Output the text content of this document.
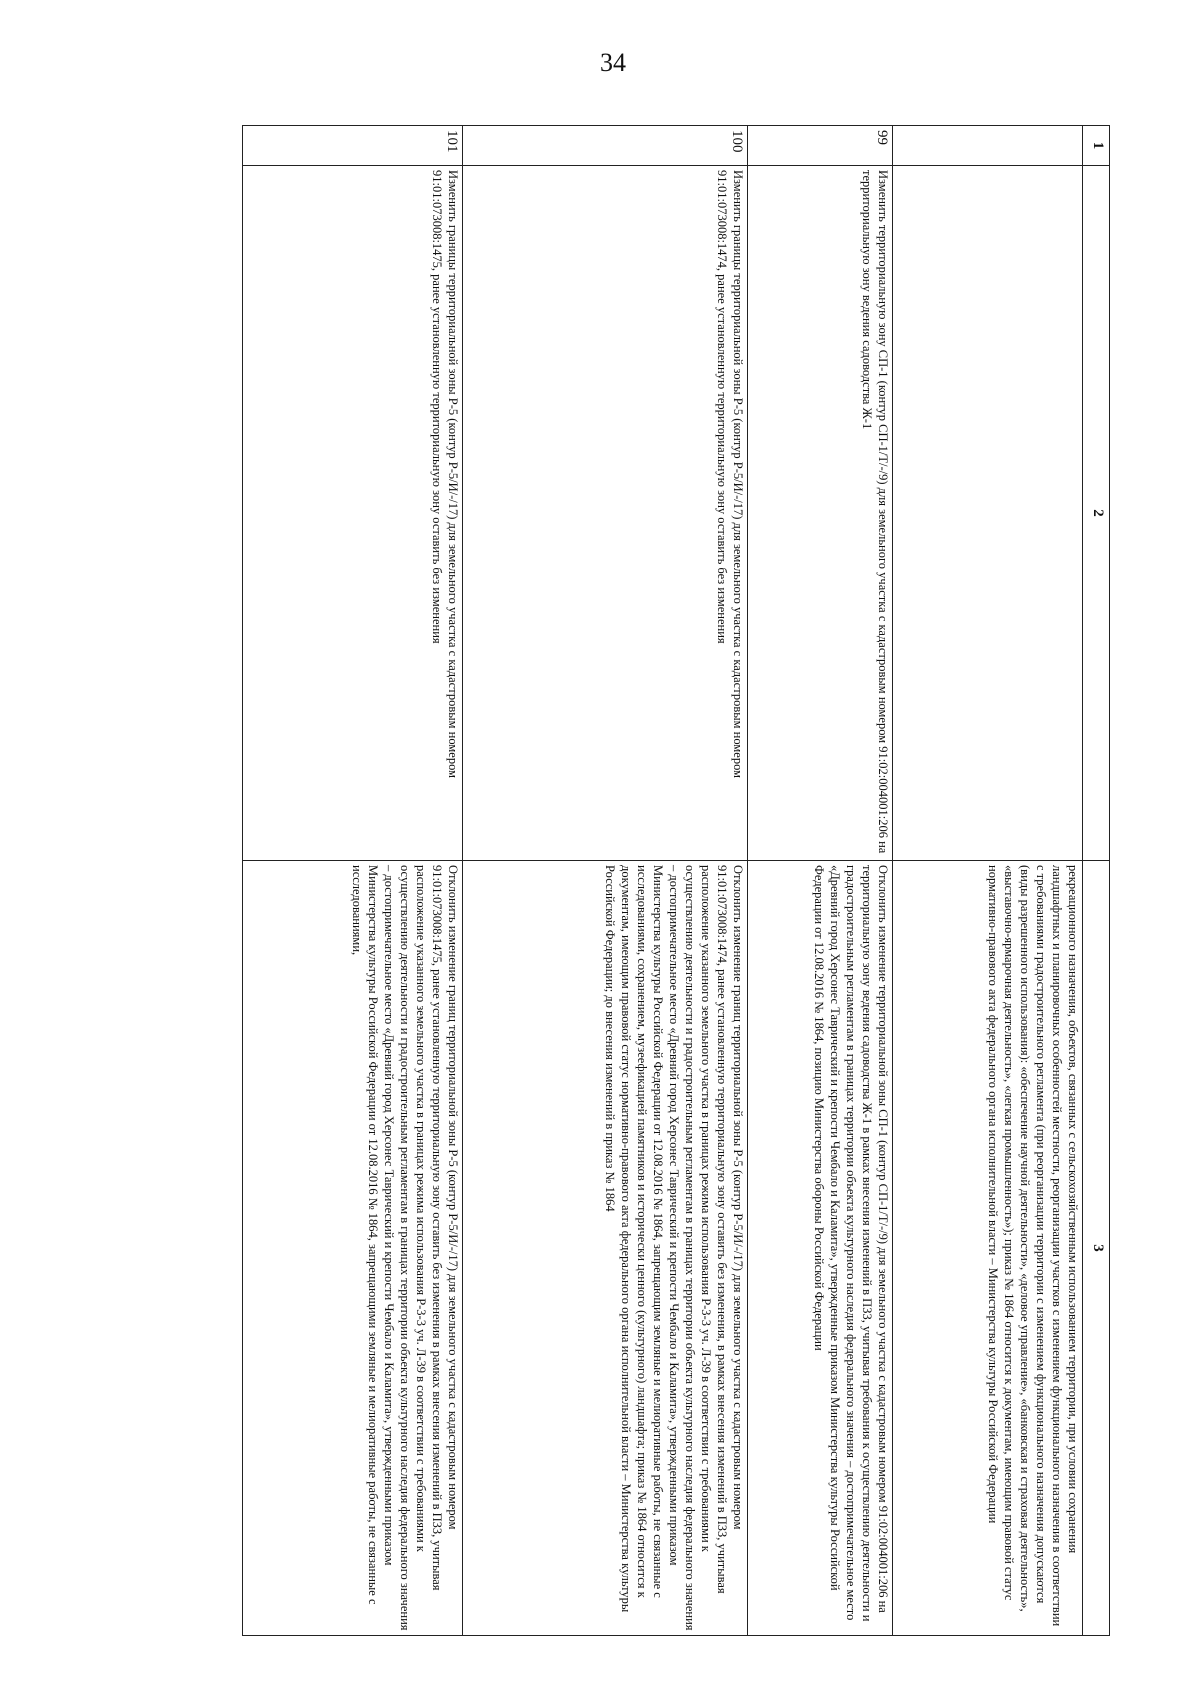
34
1	2	3
		рекреационного назначения, объектов, связанных с сельскохозяйственным использованием территории, при условии сохранения ландшафтных и планировочных особенностей местности, реорганизации участков с изменением функционального назначения в соответствии с требованиями градостроительного регламента (при реорганизации территории с изменением функционального назначения допускаются (виды разрешенного использования): «обеспечение научной деятельности», «деловое управление», «банковская и страховая деятельность», «выставочно-ярмарочная деятельность», «легкая промышленность»); приказ № 1864 относится к документам, имеющим правовой статус нормативно-правового акта федерального органа исполнительной власти – Министерства культуры Российской Федерации
99	Изменить территориальную зону СП-1 (контур СП-1/Т/-/9) для земельного участка с кадастровым номером 91:02:004001:206 на территориальную зону ведения садоводства Ж-1	Отклонить изменение территориальной зоны СП-1 (контур СП-1/Т/-/9) для земельного участка с кадастровым номером 91:02:004001:206 на территориальную зону ведения садоводства Ж-1 в рамках внесения изменений в ПЗЗ, учитывая требования к осуществлению деятельности и градостроительным регламентам в границах территории объекта культурного наследия федерального значения – достопримечательное место «Древний город Херсонес Таврический и крепости Чембало и Каламита», утвержденные приказом Министерства культуры Российской Федерации от 12.08.2016 № 1864, позицию Министерства обороны Российской Федерации
100	Изменить границы территориальной зоны Р-5 (контур Р-5/И/-/17) для земельного участка с кадастровым номером 91:01:073008:1474, ранее установленную территориальную зону оставить без изменения	Отклонить изменение границ территориальной зоны Р-5 (контур Р-5/И/-/17) для земельного участка с кадастровым номером 91:01:073008:1474, ранее установленную территориальную зону оставить без изменения, в рамках внесения изменений в ПЗЗ, учитывая расположение указанного земельного участка в границах режима использования Р-3-3 уч. Л-39 в соответствии с требованиями к осуществлению деятельности и градостроительным регламентам в границах территории объекта культурного наследия федерального значения – достопримечательное место «Древний город Херсонес Таврический и крепости Чембало и Каламита», утвержденными приказом Министерства культуры Российской Федерации от 12.08.2016 № 1864, запрещающим земляные и мелиоративные работы, не связанные с исследованиями, сохранением, музеефикацией памятников и исторически ценного (культурного) ландшафта; приказ № 1864 относится к документам, имеющим правовой статус нормативно-правового акта федерального органа исполнительной власти – Министерства культуры Российской Федерации; до внесения изменений в приказ № 1864
101	Изменить границы территориальной зоны Р-5 (контур Р-5/И/-/17) для земельного участка с кадастровым номером 91:01:073008:1475, ранее установленную территориальную зону оставить без изменения	Отклонить изменение границ территориальной зоны Р-5 (контур Р-5/И/-/17) для земельного участка с кадастровым номером 91:01:073008:1475, ранее установленную территориальную зону оставить без изменения в рамках внесения изменений в ПЗЗ, учитывая расположение указанного земельного участка в границах режима использования Р-3-3 уч. Л-39 в соответствии с требованиями к осуществлению деятельности и градостроительным регламентам в границах территории объекта культурного наследия федерального значения – достопримечательное место «Древний город Херсонес Таврический и крепости Чембало и Каламита», утвержденными приказом Министерства культуры Российской Федерации от 12.08.2016 № 1864, запрещающими земляные и мелиоративные работы, не связанные с исследованиями,
